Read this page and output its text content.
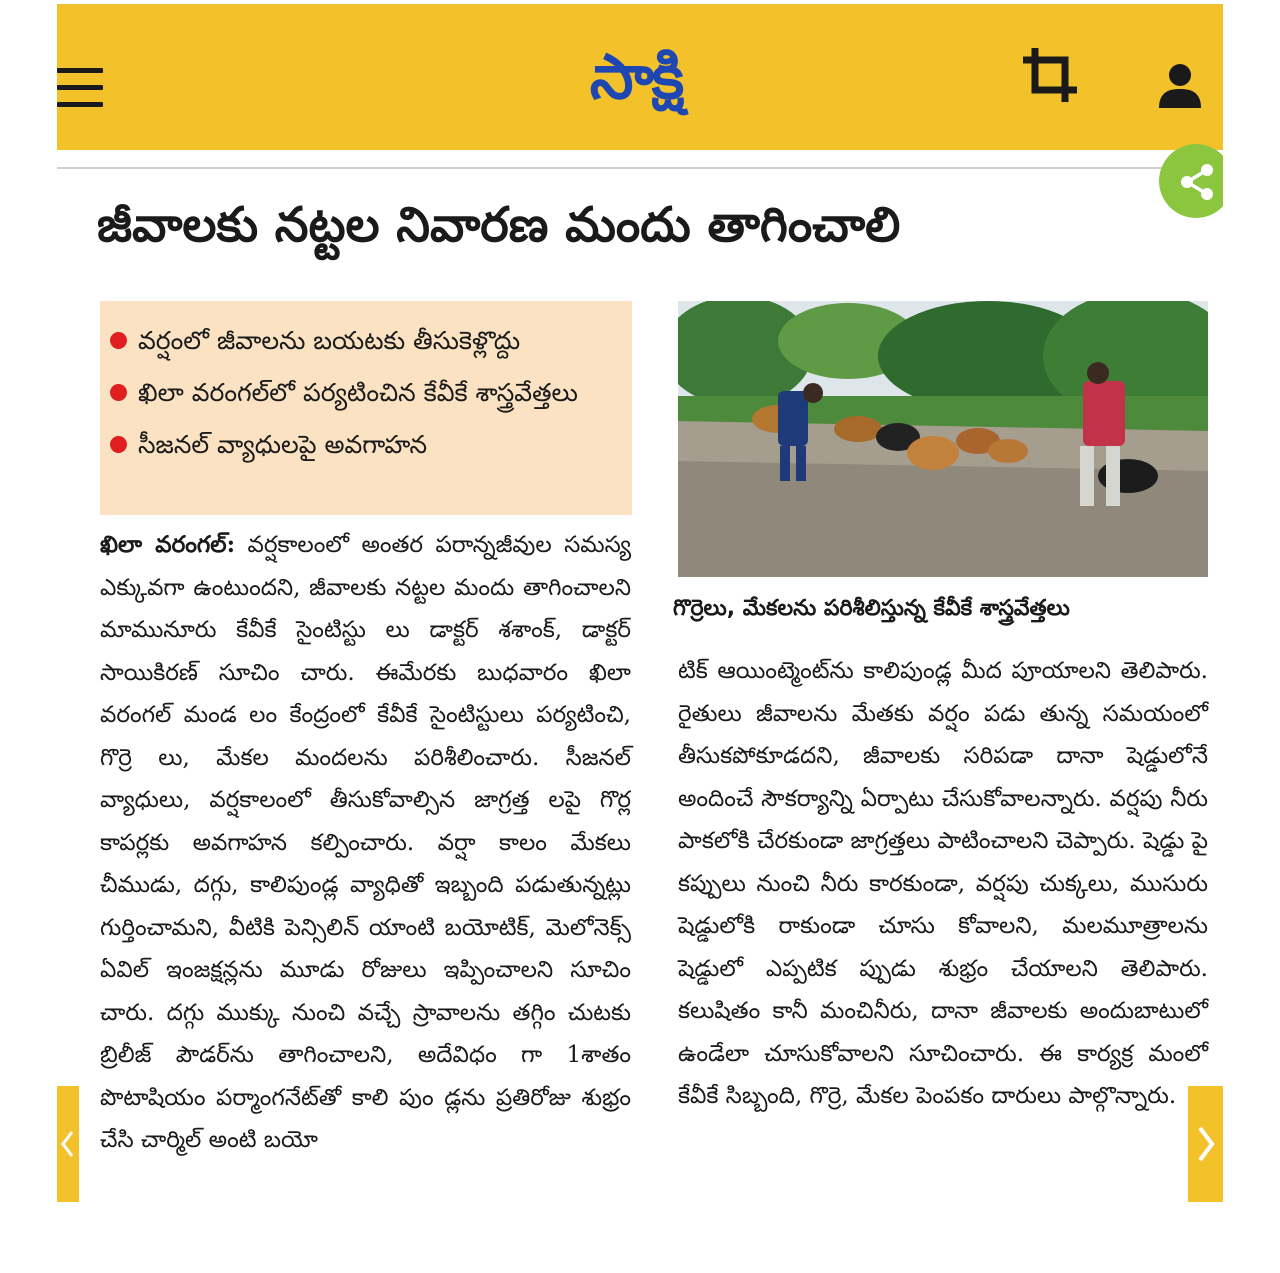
సాక్షి
జీవాలకు నట్టల నివారణ మందు తాగించాలి
వర్షంలో జీవాలను బయటకు తీసుకెళ్లొద్దు
ఖిలా వరంగల్‌లో పర్యటించిన కేవీకే శాస్త్రవేత్తలు
సీజనల్‌ వ్యాధులపై అవగాహన

ఖిలా వరంగల్‌: వర్షకాలంలో అంతర పరాన్నజీవుల సమస్య ఎక్కువగా ఉంటుందని, జీవాలకు నట్టల మందు తాగించాలని మామునూరు కేవీకే సైంటిస్టు లు డాక్టర్‌ శశాంక్‌, డాక్టర్‌ సాయికిరణ్‌ సూచిం చారు. ఈమేరకు బుధవారం ఖిలా వరంగల్‌ మండ లం కేంద్రంలో కేవీకే సైంటిస్టులు పర్యటించి, గొర్రె లు, మేకల మందలను పరిశీలించారు. సీజనల్‌ వ్యాధులు, వర్షకాలంలో తీసుకోవాల్సిన జాగ్రత్త లపై గొర్ల కాపర్లకు అవగాహన కల్పించారు. వర్షా కాలం మేకలు చీముడు, దగ్గు, కాలిపుండ్ల వ్యాధితో ఇబ్బంది పడుతున్నట్లు గుర్తించామని, వీటికి పెన్సిలిన్‌ యాంటి బయోటిక్‌, మెలోనెక్స్‌ ఏవిల్‌ ఇంజక్షన్లను మూడు రోజులు ఇప్పించాలని సూచిం చారు. దగ్గు ముక్కు నుంచి వచ్చే స్రావాలను తగ్గిం చుటకు బ్రిలీజ్‌ పౌడర్‌ను తాగించాలని, అదేవిధం గా 1శాతం పొటాషియం పర్మాంగనేట్‌తో కాలి పుం డ్లను ప్రతిరోజు శుభ్రం చేసి చార్మిల్‌ అంటి బయో

గొర్రెలు, మేకలను పరిశీలిస్తున్న కేవీకే శాస్త్రవేత్తలు

టిక్‌ ఆయింట్మెంట్‌ను కాలిపుండ్ల మీద పూయాలని తెలిపారు. రైతులు జీవాలను మేతకు వర్షం పడు తున్న సమయంలో తీసుకపోకూడదని, జీవాలకు సరిపడా దానా షెడ్డులోనే అందించే సౌకర్యాన్ని ఏర్పాటు చేసుకోవాలన్నారు. వర్షపు నీరు పాకలోకి చేరకుండా జాగ్రత్తలు పాటించాలని చెప్పారు. షెడ్డు పై కప్పులు నుంచి నీరు కారకుండా, వర్షపు చుక్కలు, ముసురు షెడ్డులోకి రాకుండా చూసు కోవాలని, మలమూత్రాలను షెడ్డులో ఎప్పటిక ప్పుడు శుభ్రం చేయాలని తెలిపారు. కలుషితం కానీ మంచినీరు, దానా జీవాలకు అందుబాటులో ఉండేలా చూసుకోవాలని సూచించారు. ఈ కార్యక్ర మంలో కేవీకే సిబ్బంది, గొర్రె, మేకల పెంపకం దారులు పాల్గొన్నారు.
